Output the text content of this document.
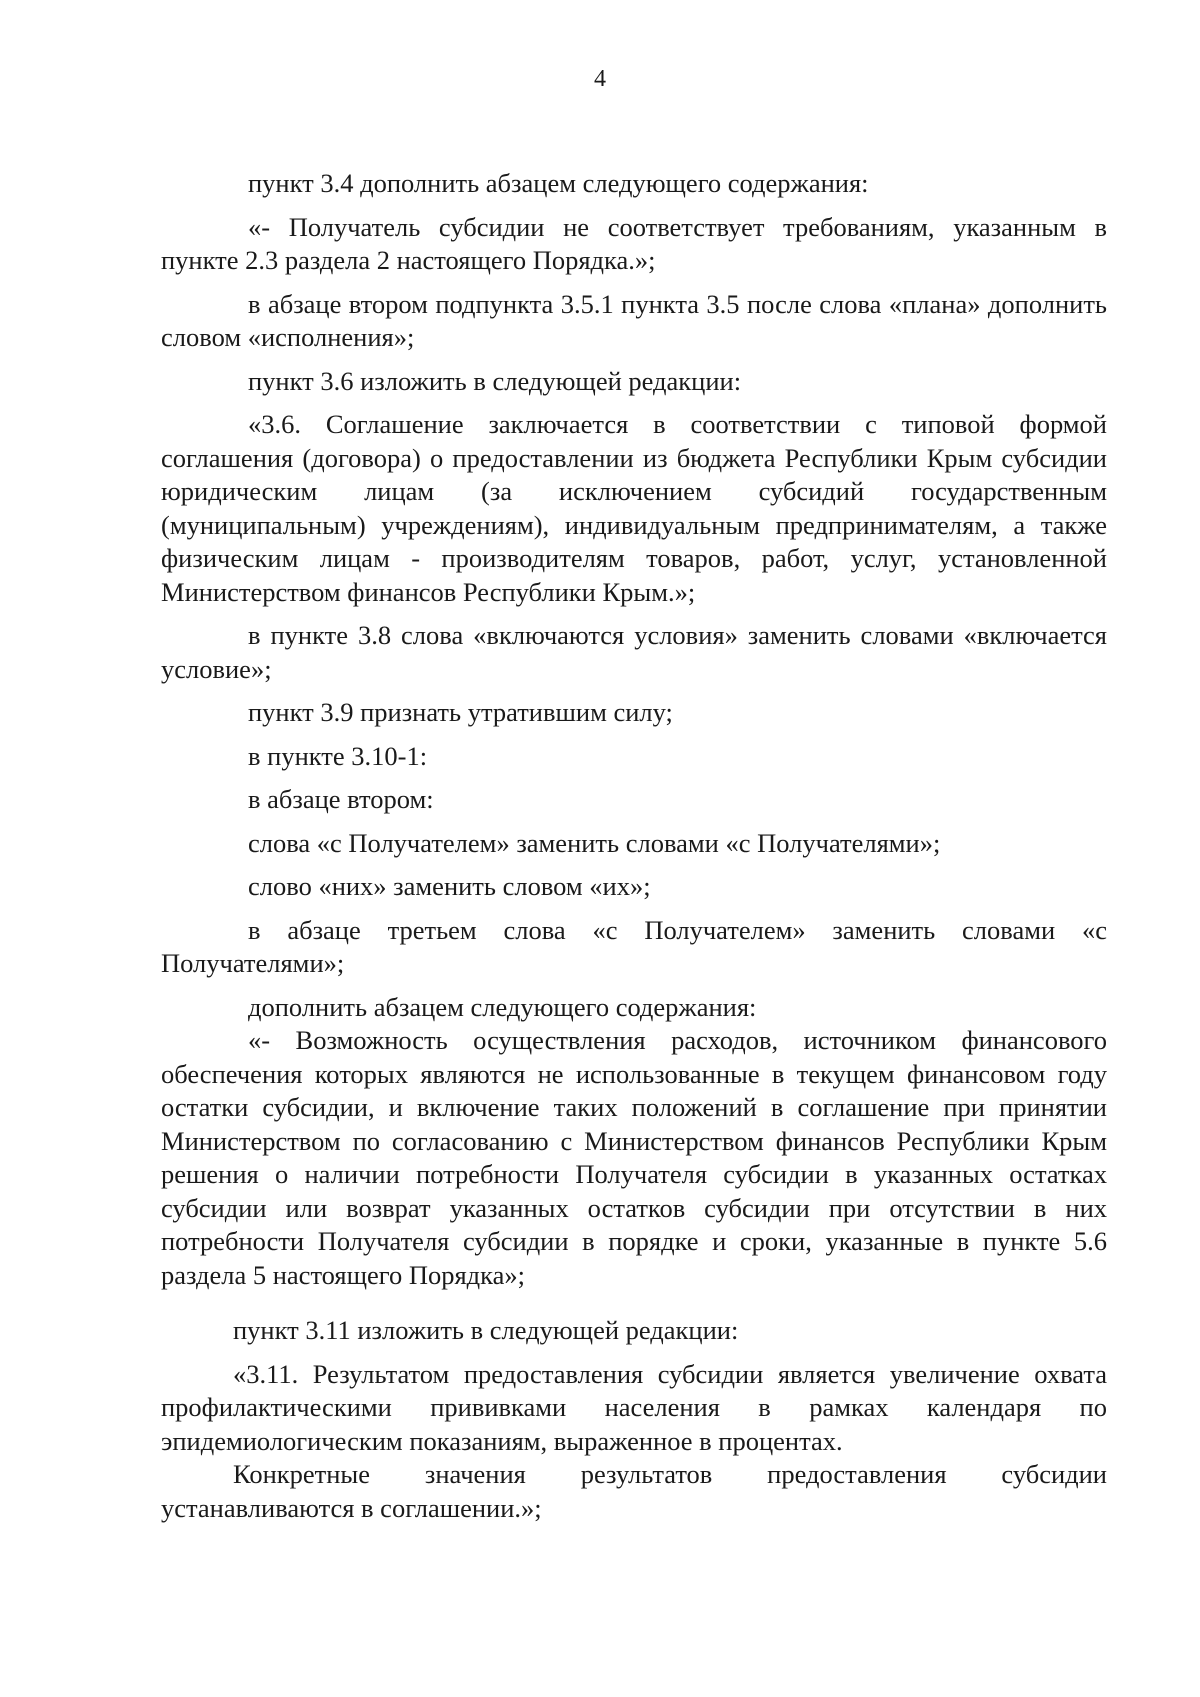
4

пункт 3.4 дополнить абзацем следующего содержания:

«- Получатель субсидии не соответствует требованиям, указанным в пункте 2.3 раздела 2 настоящего Порядка.»;

в абзаце втором подпункта 3.5.1 пункта 3.5 после слова «плана» дополнить словом «исполнения»;

пункт 3.6 изложить в следующей редакции:

«3.6. Соглашение заключается в соответствии с типовой формой соглашения (договора) о предоставлении из бюджета Республики Крым субсидии юридическим лицам (за исключением субсидий государственным (муниципальным) учреждениям), индивидуальным предпринимателям, а также физическим лицам - производителям товаров, работ, услуг, установленной Министерством финансов Республики Крым.»;

в пункте 3.8 слова «включаются условия» заменить словами «включается условие»;

пункт 3.9 признать утратившим силу;

в пункте 3.10-1:

в абзаце втором:

слова «с Получателем» заменить словами «с Получателями»;

слово «них» заменить словом «их»;

в абзаце третьем слова «с Получателем» заменить словами «с Получателями»;

дополнить абзацем следующего содержания:

«- Возможность осуществления расходов, источником финансового обеспечения которых являются не использованные в текущем финансовом году остатки субсидии, и включение таких положений в соглашение при принятии Министерством по согласованию с Министерством финансов Республики Крым решения о наличии потребности Получателя субсидии в указанных остатках субсидии или возврат указанных остатков субсидии при отсутствии в них потребности Получателя субсидии в порядке и сроки, указанные в пункте 5.6 раздела 5 настоящего Порядка»;

пункт 3.11 изложить в следующей редакции:

«3.11. Результатом предоставления субсидии является увеличение охвата профилактическими прививками населения в рамках календаря по эпидемиологическим показаниям, выраженное в процентах.

Конкретные значения результатов предоставления субсидии устанавливаются в соглашении.»;
